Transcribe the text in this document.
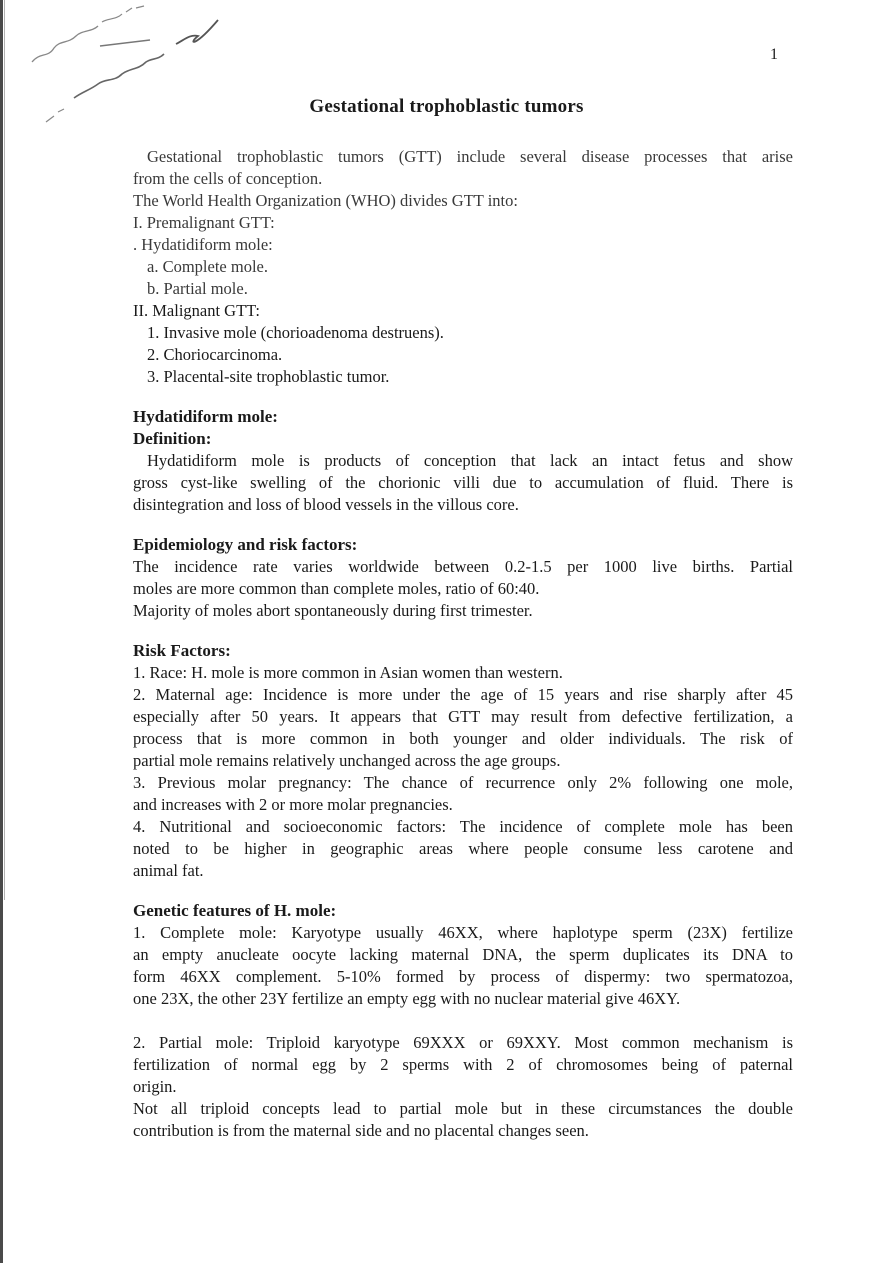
1
Gestational trophoblastic tumors
Gestational trophoblastic tumors (GTT) include several disease processes that arise
from the cells of conception.
The World Health Organization (WHO) divides GTT into:
I. Premalignant GTT:
. Hydatidiform mole:
a. Complete mole.
b. Partial mole.
II. Malignant GTT:
1. Invasive mole (chorioadenoma destruens).
2. Choriocarcinoma.
3. Placental-site trophoblastic tumor.
Hydatidiform mole:
Definition:
Hydatidiform mole is products of conception that lack an intact fetus and show
gross cyst-like swelling of the chorionic villi due to accumulation of fluid. There is
disintegration and loss of blood vessels in the villous core.
Epidemiology and risk factors:
The incidence rate varies worldwide between 0.2-1.5 per 1000 live births. Partial
moles are more common than complete moles, ratio of 60:40.
Majority of moles abort spontaneously during first trimester.
Risk Factors:
1. Race: H. mole is more common in Asian women than western.
2. Maternal age: Incidence is more under the age of 15 years and rise sharply after 45
especially after 50 years. It appears that GTT may result from defective fertilization, a
process that is more common in both younger and older individuals. The risk of
partial mole remains relatively unchanged across the age groups.
3. Previous molar pregnancy: The chance of recurrence only 2% following one mole,
and increases with 2 or more molar pregnancies.
4. Nutritional and socioeconomic factors: The incidence of complete mole has been
noted to be higher in geographic areas where people consume less carotene and
animal fat.
Genetic features of H. mole:
1. Complete mole: Karyotype usually 46XX, where haplotype sperm (23X) fertilize
an empty anucleate oocyte lacking maternal DNA, the sperm duplicates its DNA to
form 46XX complement. 5-10% formed by process of dispermy: two spermatozoa,
one 23X, the other 23Y fertilize an empty egg with no nuclear material give 46XY.
2. Partial mole: Triploid karyotype 69XXX or 69XXY. Most common mechanism is
fertilization of normal egg by 2 sperms with 2 of chromosomes being of paternal
origin.
Not all triploid concepts lead to partial mole but in these circumstances the double
contribution is from the maternal side and no placental changes seen.
